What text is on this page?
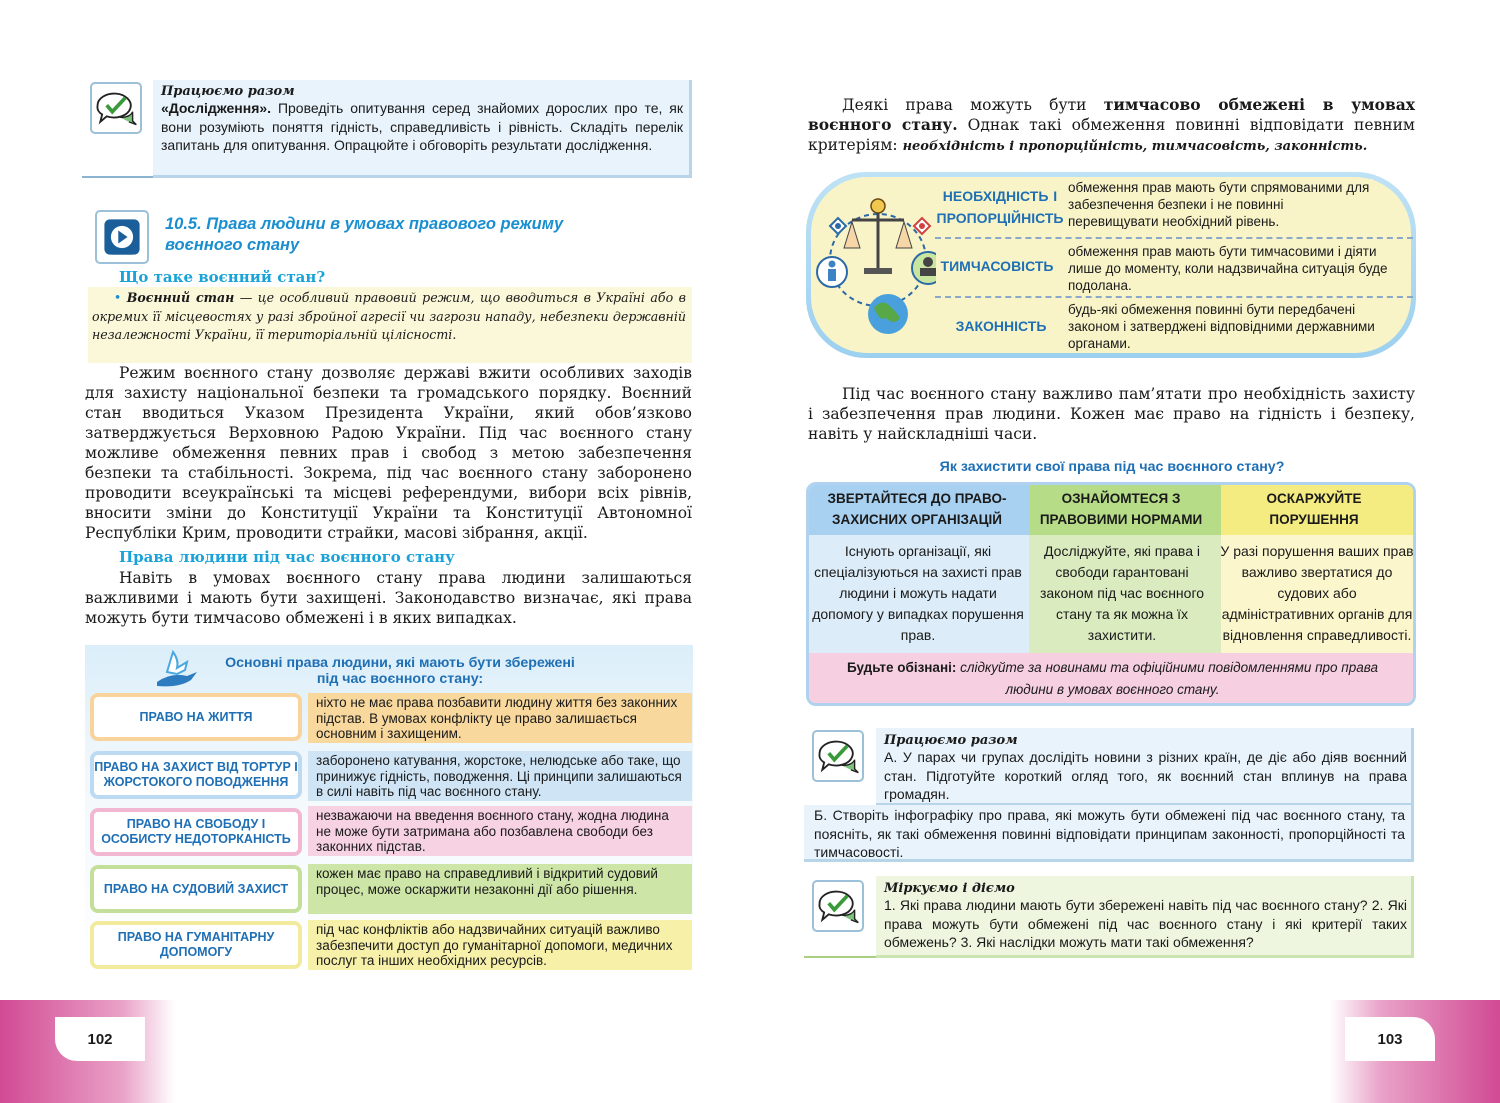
102	103
Працюємо разом
«Дослідження». Проведіть опитування серед знайомих дорослих про те, як вони розуміють поняття гідність, справедливість і рівність. Складіть перелік запитань для опитування. Опрацюйте і обговоріть результати дослідження.
10.5. Права людини в умовах правового режиму
воєнного стану
Що таке воєнний стан?
• Воєнний стан — це особливий правовий режим, що вводиться в Україні або в окремих її місцевостях у разі збройної агресії чи загрози нападу, небезпеки державній незалежності України, її територіальній цілісності.
Режим воєнного стану дозволяє державі вжити особливих заходів для захисту національної безпеки та громадського порядку. Воєнний стан вводиться Указом Президента України, який обов’язково затверджується Верховною Радою України. Під час воєнного стану можливе обмеження певних прав і свобод з метою забезпечення безпеки та стабільності. Зокрема, під час воєнного стану заборонено проводити всеукраїнські та місцеві референдуми, вибори всіх рівнів, вносити зміни до Конституції України та Конституції Автономної Республіки Крим, проводити страйки, масові зібрання, акції.
Права людини під час воєнного стану
Навіть в умовах воєнного стану права людини залишаються важливими і мають бути захищені. Законодавство визначає, які права можуть бути тимчасово обмежені і в яких випадках.
Основні права людини, які мають бути збережені
під час воєнного стану:
ПРАВО НА ЖИТТЯ
ніхто не має права позбавити людину життя без законних підстав. В умовах конфлікту це право залишається основним і захищеним.
ПРАВО НА ЗАХИСТ ВІД ТОРТУР І ЖОРСТОКОГО ПОВОДЖЕННЯ
заборонено катування, жорстоке, нелюдське або таке, що принижує гідність, поводження. Ці принципи залишаються в силі навіть під час воєнного стану.
ПРАВО НА СВОБОДУ І ОСОБИСТУ НЕДОТОРКАНІСТЬ
незважаючи на введення воєнного стану, жодна людина не може бути затримана або позбавлена свободи без законних підстав.
ПРАВО НА СУДОВИЙ ЗАХИСТ
кожен має право на справедливий і відкритий судовий процес, може оскаржити незаконні дії або рішення.
ПРАВО НА ГУМАНІТАРНУ ДОПОМОГУ
під час конфліктів або надзвичайних ситуацій важливо забезпечити доступ до гуманітарної допомоги, медичних послуг та інших необхідних ресурсів.
Деякі права можуть бути тимчасово обмежені в умовах воєнного стану. Однак такі обмеження повинні відповідати певним критеріям: необхідність і пропорційність, тимчасовість, законність.
НЕОБХІДНІСТЬ І ПРОПОРЦІЙНІСТЬ
обмеження прав мають бути спрямованими для забезпечення безпеки і не повинні перевищувати необхідний рівень.
ТИМЧАСОВІСТЬ
обмеження прав мають бути тимчасовими і діяти лише до моменту, коли надзвичайна ситуація буде подолана.
ЗАКОННІСТЬ
будь-які обмеження повинні бути передбачені законом і затверджені відповідними державними органами.
Під час воєнного стану важливо пам’ятати про необхідність захисту і забезпечення прав людини. Кожен має право на гідність і безпеку, навіть у найскладніші часи.
Як захистити свої права під час воєнного стану?
ЗВЕРТАЙТЕСЯ ДО ПРАВО-ЗАХИСНИХ ОРГАНІЗАЦІЙ
ОЗНАЙОМТЕСЯ З ПРАВОВИМИ НОРМАМИ
ОСКАРЖУЙТЕ ПОРУШЕННЯ
Існують організації, які спеціалізуються на захисті прав людини і можуть надати допомогу у випадках порушення прав.
Досліджуйте, які права і свободи гарантовані законом під час воєнного стану та як можна їх захистити.
У разі порушення ваших прав важливо звертатися до судових або адміністративних органів для відновлення справедливості.
Будьте обізнані: слідкуйте за новинами та офіційними повідомленнями про права людини в умовах воєнного стану.
Працюємо разом
А. У парах чи групах дослідіть новини з різних країн, де діє або діяв воєнний стан. Підготуйте короткий огляд того, як воєнний стан вплинув на права громадян.
Б. Створіть інфографіку про права, які можуть бути обмежені під час воєнного стану, та поясніть, як такі обмеження повинні відповідати принципам законності, пропорційності та тимчасовості.
Міркуємо і діємо
1. Які права людини мають бути збережені навіть під час воєнного стану? 2. Які права можуть бути обмежені під час воєнного стану і які критерії таких обмежень? 3. Які наслідки можуть мати такі обмеження?
